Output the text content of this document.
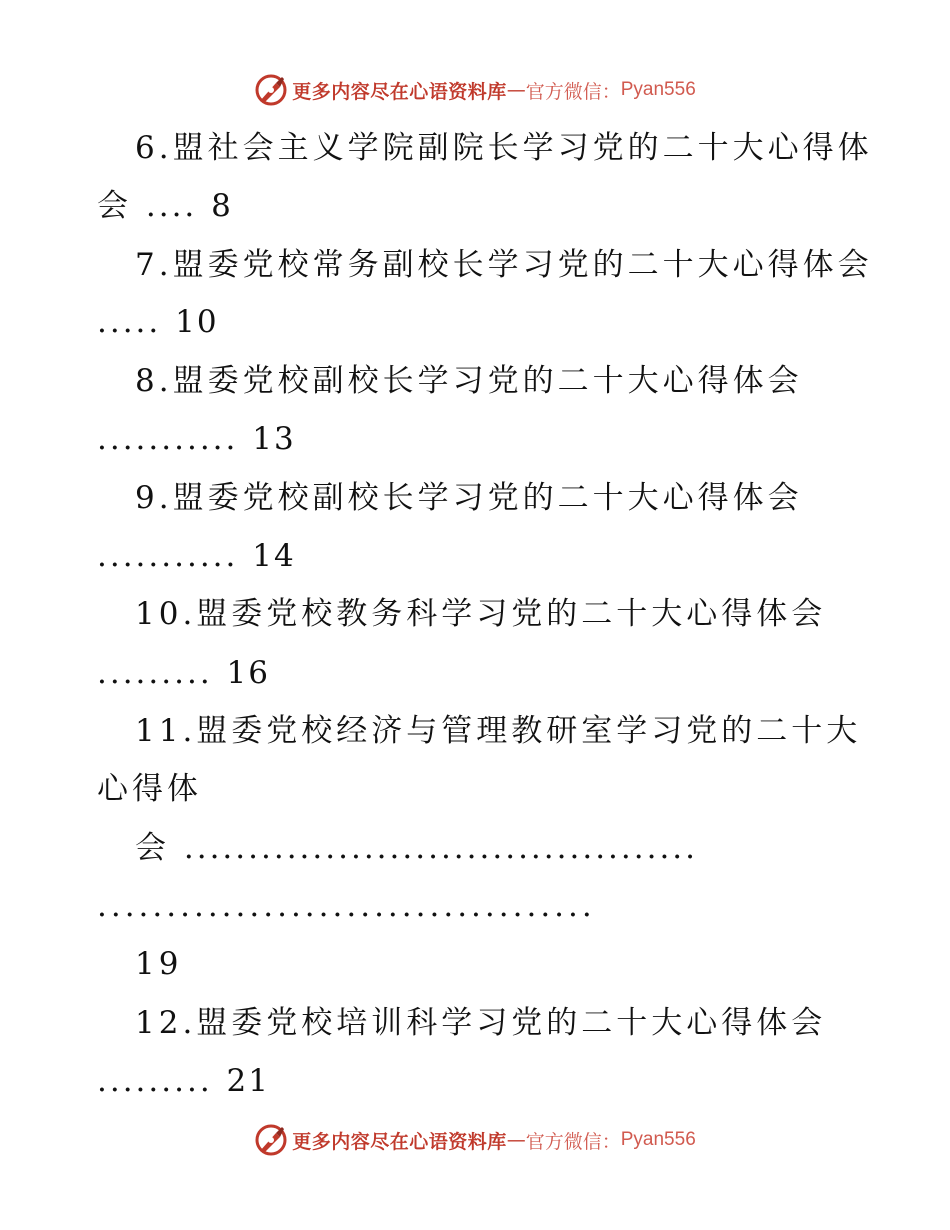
更多内容尽在心语资料库 — 官方微信： Pyan556
6.盟社会主义学院副院长学习党的二十大心得体
会 .... 8
7.盟委党校常务副校长学习党的二十大心得体会
..... 10
8.盟委党校副校长学习党的二十大心得体会
........... 13
9.盟委党校副校长学习党的二十大心得体会
........... 14
10.盟委党校教务科学习党的二十大心得体会
......... 16
11.盟委党校经济与管理教研室学习党的二十大
心得体
会 ........................................
....................................
19
12.盟委党校培训科学习党的二十大心得体会
......... 21
更多内容尽在心语资料库 — 官方微信： Pyan556
